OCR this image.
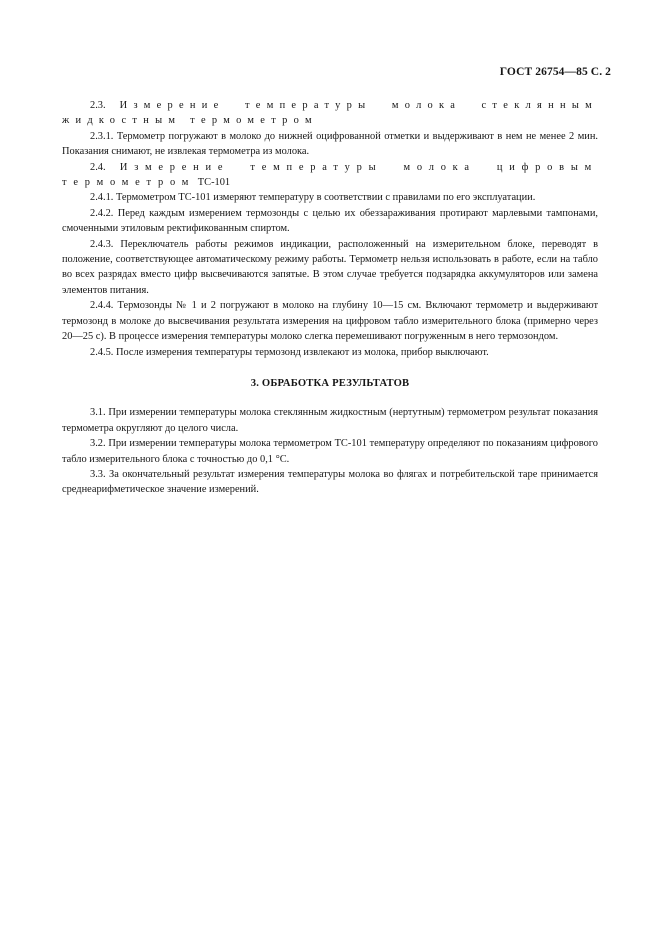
ГОСТ 26754—85 С. 2

2.3. Измерение температуры молока стеклянным жидкостным термометром

2.3.1. Термометр погружают в молоко до нижней оцифрованной отметки и выдерживают в нем не менее 2 мин. Показания снимают, не извлекая термометра из молока.

2.4. Измерение температуры молока цифровым термометром ТС-101

2.4.1. Термометром ТС-101 измеряют температуру в соответствии с правилами по его эксплуатации.

2.4.2. Перед каждым измерением термозонды с целью их обеззараживания протирают марлевыми тампонами, смоченными этиловым ректификованным спиртом.

2.4.3. Переключатель работы режимов индикации, расположенный на измерительном блоке, переводят в положение, соответствующее автоматическому режиму работы. Термометр нельзя использовать в работе, если на табло во всех разрядах вместо цифр высвечиваются запятые. В этом случае требуется подзарядка аккумуляторов или замена элементов питания.

2.4.4. Термозонды № 1 и 2 погружают в молоко на глубину 10—15 см. Включают термометр и выдерживают термозонд в молоке до высвечивания результата измерения на цифровом табло измерительного блока (примерно через 20—25 с). В процессе измерения температуры молоко слегка перемешивают погруженным в него термозондом.

2.4.5. После измерения температуры термозонд извлекают из молока, прибор выключают.

3. ОБРАБОТКА РЕЗУЛЬТАТОВ

3.1. При измерении температуры молока стеклянным жидкостным (нертутным) термометром результат показания термометра округляют до целого числа.

3.2. При измерении температуры молока термометром ТС-101 температуру определяют по показаниям цифрового табло измерительного блока с точностью до 0,1 °С.

3.3. За окончательный результат измерения температуры молока во флягах и потребительской таре принимается среднеарифметическое значение измерений.
